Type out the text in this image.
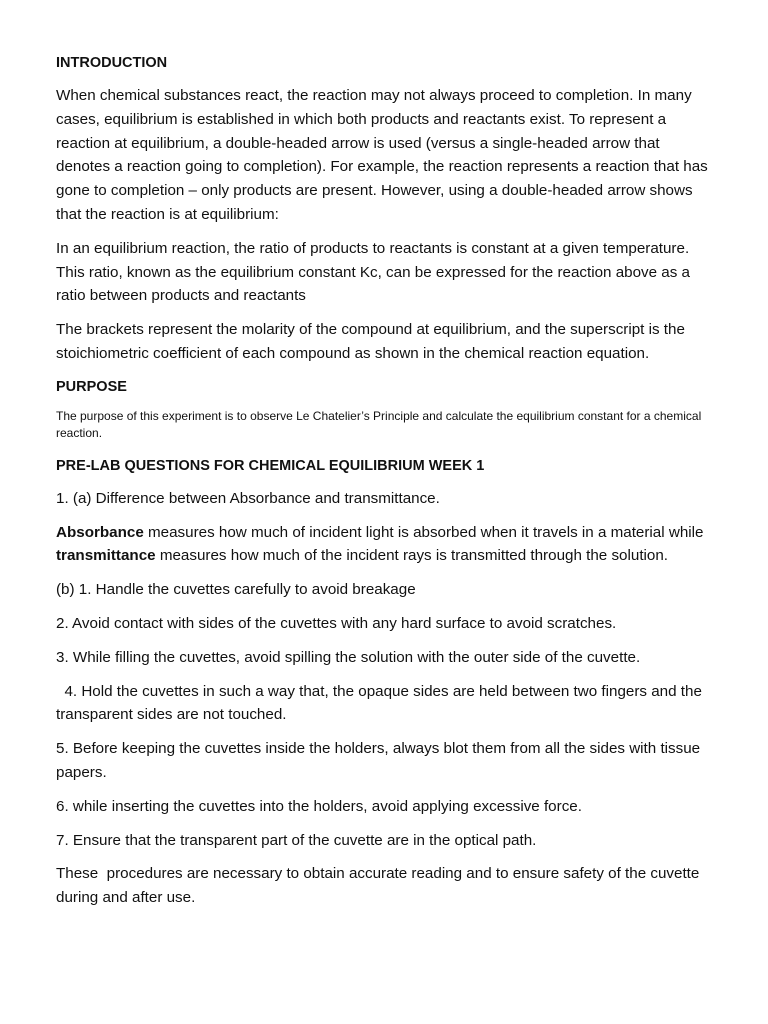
INTRODUCTION

When chemical substances react, the reaction may not always proceed to completion. In many cases, equilibrium is established in which both products and reactants exist. To represent a reaction at equilibrium, a double-headed arrow is used (versus a single-headed arrow that denotes a reaction going to completion). For example, the reaction represents a reaction that has gone to completion – only products are present. However, using a double-headed arrow shows that the reaction is at equilibrium:

In an equilibrium reaction, the ratio of products to reactants is constant at a given temperature. This ratio, known as the equilibrium constant Kc, can be expressed for the reaction above as a ratio between products and reactants

The brackets represent the molarity of the compound at equilibrium, and the superscript is the stoichiometric coefficient of each compound as shown in the chemical reaction equation.

PURPOSE

The purpose of this experiment is to observe Le Chatelier’s Principle and calculate the equilibrium constant for a chemical reaction.

PRE-LAB QUESTIONS FOR CHEMICAL EQUILIBRIUM WEEK 1

1. (a) Difference between Absorbance and transmittance.

Absorbance measures how much of incident light is absorbed when it travels in a material while transmittance measures how much of the incident rays is transmitted through the solution.

(b) 1. Handle the cuvettes carefully to avoid breakage

2. Avoid contact with sides of the cuvettes with any hard surface to avoid scratches.

3. While filling the cuvettes, avoid spilling the solution with the outer side of the cuvette.

4. Hold the cuvettes in such a way that, the opaque sides are held between two fingers and the transparent sides are not touched.

5. Before keeping the cuvettes inside the holders, always blot them from all the sides with tissue papers.

6. while inserting the cuvettes into the holders, avoid applying excessive force.

7. Ensure that the transparent part of the cuvette are in the optical path.

These  procedures are necessary to obtain accurate reading and to ensure safety of the cuvette during and after use.
